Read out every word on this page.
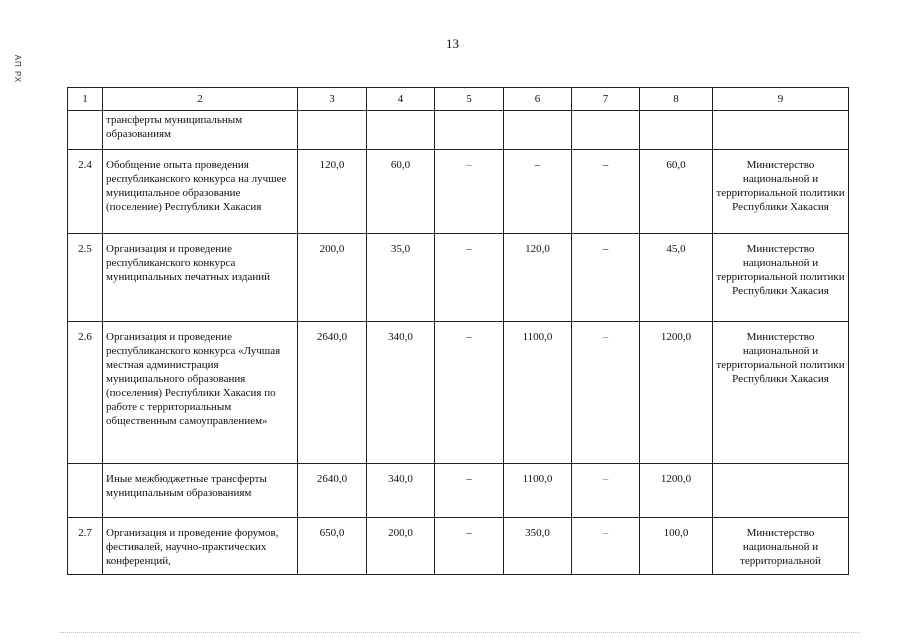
13
АП РХ
1	2	3	4	5	6	7	8	9
	трансферты муниципальным образованиям							
2.4	Обобщение опыта проведения республиканского конкурса на лучшее муниципальное образование (поселение) Республики Хакасия	120,0	60,0	–	–	–	60,0	Министерство национальной и территориальной политики Республики Хакасия
2.5	Организация и проведение республиканского конкурса муниципальных печатных изданий	200,0	35,0	–	120,0	–	45,0	Министерство национальной и территориальной политики Республики Хакасия
2.6	Организация и проведение республиканского конкурса «Лучшая местная администрация муниципального образования (поселения) Республики Хакасия по работе с территориальным общественным самоуправлением»	2640,0	340,0	–	1100,0	–	1200,0	Министерство национальной и территориальной политики Республики Хакасия
	Иные межбюджетные трансферты муниципальным образованиям	2640,0	340,0	–	1100,0	–	1200,0	
2.7	Организация и проведение форумов, фестивалей, научно-практических конференций,	650,0	200,0	–	350,0	–	100,0	Министерство национальной и территориальной
